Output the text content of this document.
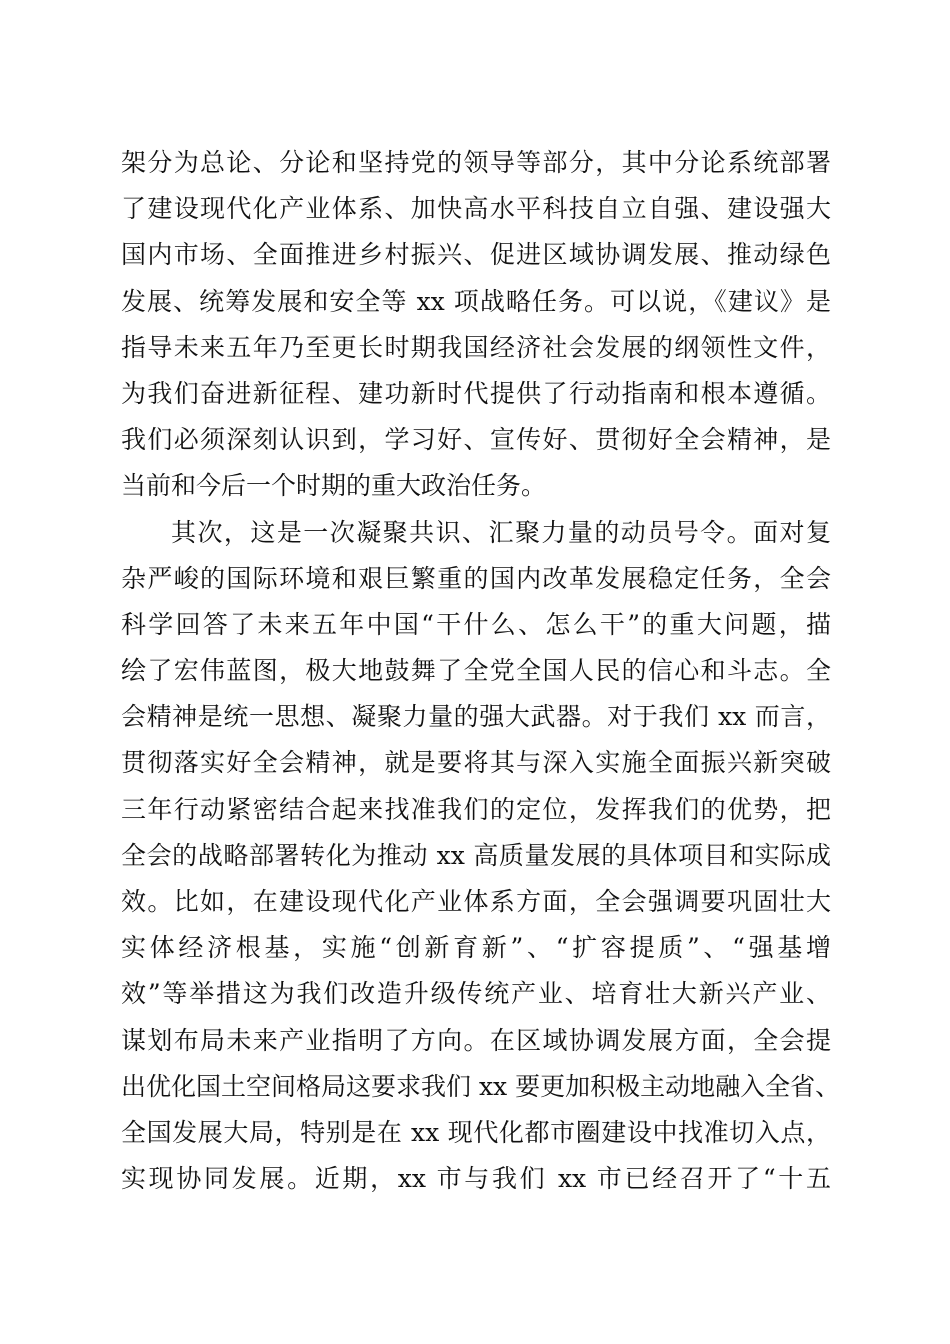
架分为总论、分论和坚持党的领导等部分，其中分论系统部署
了建设现代化产业体系、加快高水平科技自立自强、建设强大
国内市场、全面推进乡村振兴、促进区域协调发展、推动绿色
发展、统筹发展和安全等 xx 项战略任务。可以说，《建议》是
指导未来五年乃至更长时期我国经济社会发展的纲领性文件，
为我们奋进新征程、建功新时代提供了行动指南和根本遵循。
我们必须深刻认识到，学习好、宣传好、贯彻好全会精神，是
当前和今后一个时期的重大政治任务。
其次，这是一次凝聚共识、汇聚力量的动员号令。面对复
杂严峻的国际环境和艰巨繁重的国内改革发展稳定任务，全会
科学回答了未来五年中国“干什么、怎么干”的重大问题，描
绘了宏伟蓝图，极大地鼓舞了全党全国人民的信心和斗志。全
会精神是统一思想、凝聚力量的强大武器。对于我们 xx 而言，
贯彻落实好全会精神，就是要将其与深入实施全面振兴新突破
三年行动紧密结合起来找准我们的定位，发挥我们的优势，把
全会的战略部署转化为推动 xx 高质量发展的具体项目和实际成
效。比如，在建设现代化产业体系方面，全会强调要巩固壮大
实体经济根基，实施“创新育新”、“扩容提质”、“强基增
效”等举措这为我们改造升级传统产业、培育壮大新兴产业、
谋划布局未来产业指明了方向。在区域协调发展方面，全会提
出优化国土空间格局这要求我们 xx 要更加积极主动地融入全省、
全国发展大局，特别是在 xx 现代化都市圈建设中找准切入点，
实现协同发展。近期，xx 市与我们 xx 市已经召开了“十五
